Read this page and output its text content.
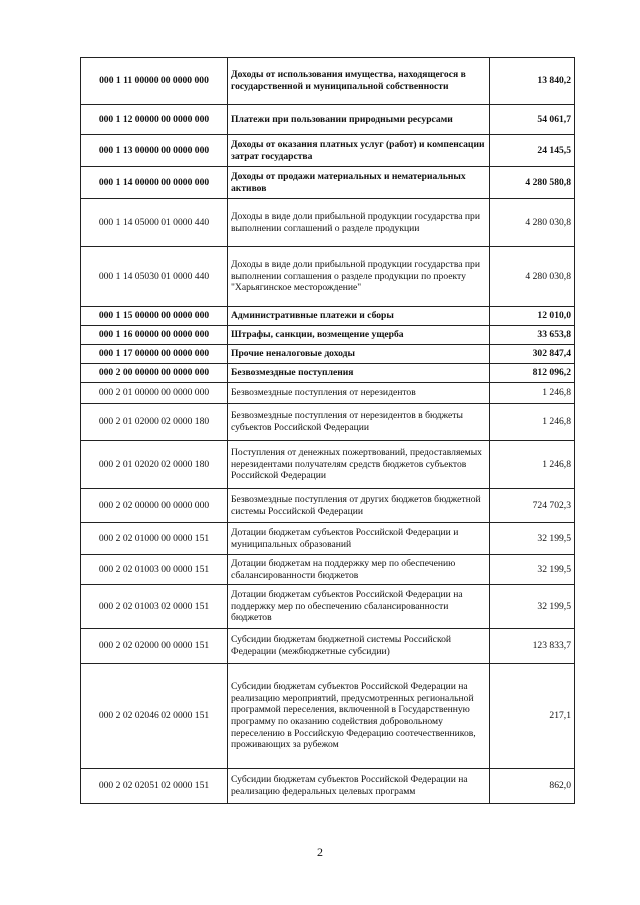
000 1 11 00000 00 0000 000	Доходы от использования имущества, находящегося в государственной и муниципальной собственности	13 840,2
000 1 12 00000 00 0000 000	Платежи при пользовании природными ресурсами	54 061,7
000 1 13 00000 00 0000 000	Доходы от оказания платных услуг (работ) и компенсации затрат государства	24 145,5
000 1 14 00000 00 0000 000	Доходы от продажи материальных и нематериальных активов	4 280 580,8
000 1 14 05000 01 0000 440	Доходы в виде доли прибыльной продукции государства при выполнении соглашений о разделе продукции	4 280 030,8
000 1 14 05030 01 0000 440	Доходы в виде доли прибыльной продукции государства при выполнении соглашения о разделе продукции по проекту "Харьягинское месторождение"	4 280 030,8
000 1 15 00000 00 0000 000	Административные платежи и сборы	12 010,0
000 1 16 00000 00 0000 000	Штрафы, санкции, возмещение ущерба	33 653,8
000 1 17 00000 00 0000 000	Прочие неналоговые доходы	302 847,4
000 2 00 00000 00 0000 000	Безвозмездные поступления	812 096,2
000 2 01 00000 00 0000 000	Безвозмездные поступления от нерезидентов	1 246,8
000 2 01 02000 02 0000 180	Безвозмездные поступления от нерезидентов в бюджеты субъектов Российской Федерации	1 246,8
000 2 01 02020 02 0000 180	Поступления от денежных пожертвований, предоставляемых нерезидентами получателям средств бюджетов субъектов Российской Федерации	1 246,8
000 2 02 00000 00 0000 000	Безвозмездные поступления от других бюджетов бюджетной системы Российской Федерации	724 702,3
000 2 02 01000 00 0000 151	Дотации бюджетам субъектов Российской Федерации и муниципальных образований	32 199,5
000 2 02 01003 00 0000 151	Дотации бюджетам на поддержку мер по обеспечению сбалансированности бюджетов	32 199,5
000 2 02 01003 02 0000 151	Дотации бюджетам субъектов Российской Федерации на поддержку мер по обеспечению сбалансированности бюджетов	32 199,5
000 2 02 02000 00 0000 151	Субсидии бюджетам бюджетной системы Российской Федерации (межбюджетные субсидии)	123 833,7
000 2 02 02046 02 0000 151	Субсидии бюджетам субъектов Российской Федерации на реализацию мероприятий, предусмотренных региональной программой переселения, включенной в Государственную программу по оказанию содействия добровольному переселению в Российскую Федерацию соотечественников, проживающих за рубежом	217,1
000 2 02 02051 02 0000 151	Субсидии бюджетам субъектов Российской Федерации на реализацию федеральных целевых программ	862,0
2
